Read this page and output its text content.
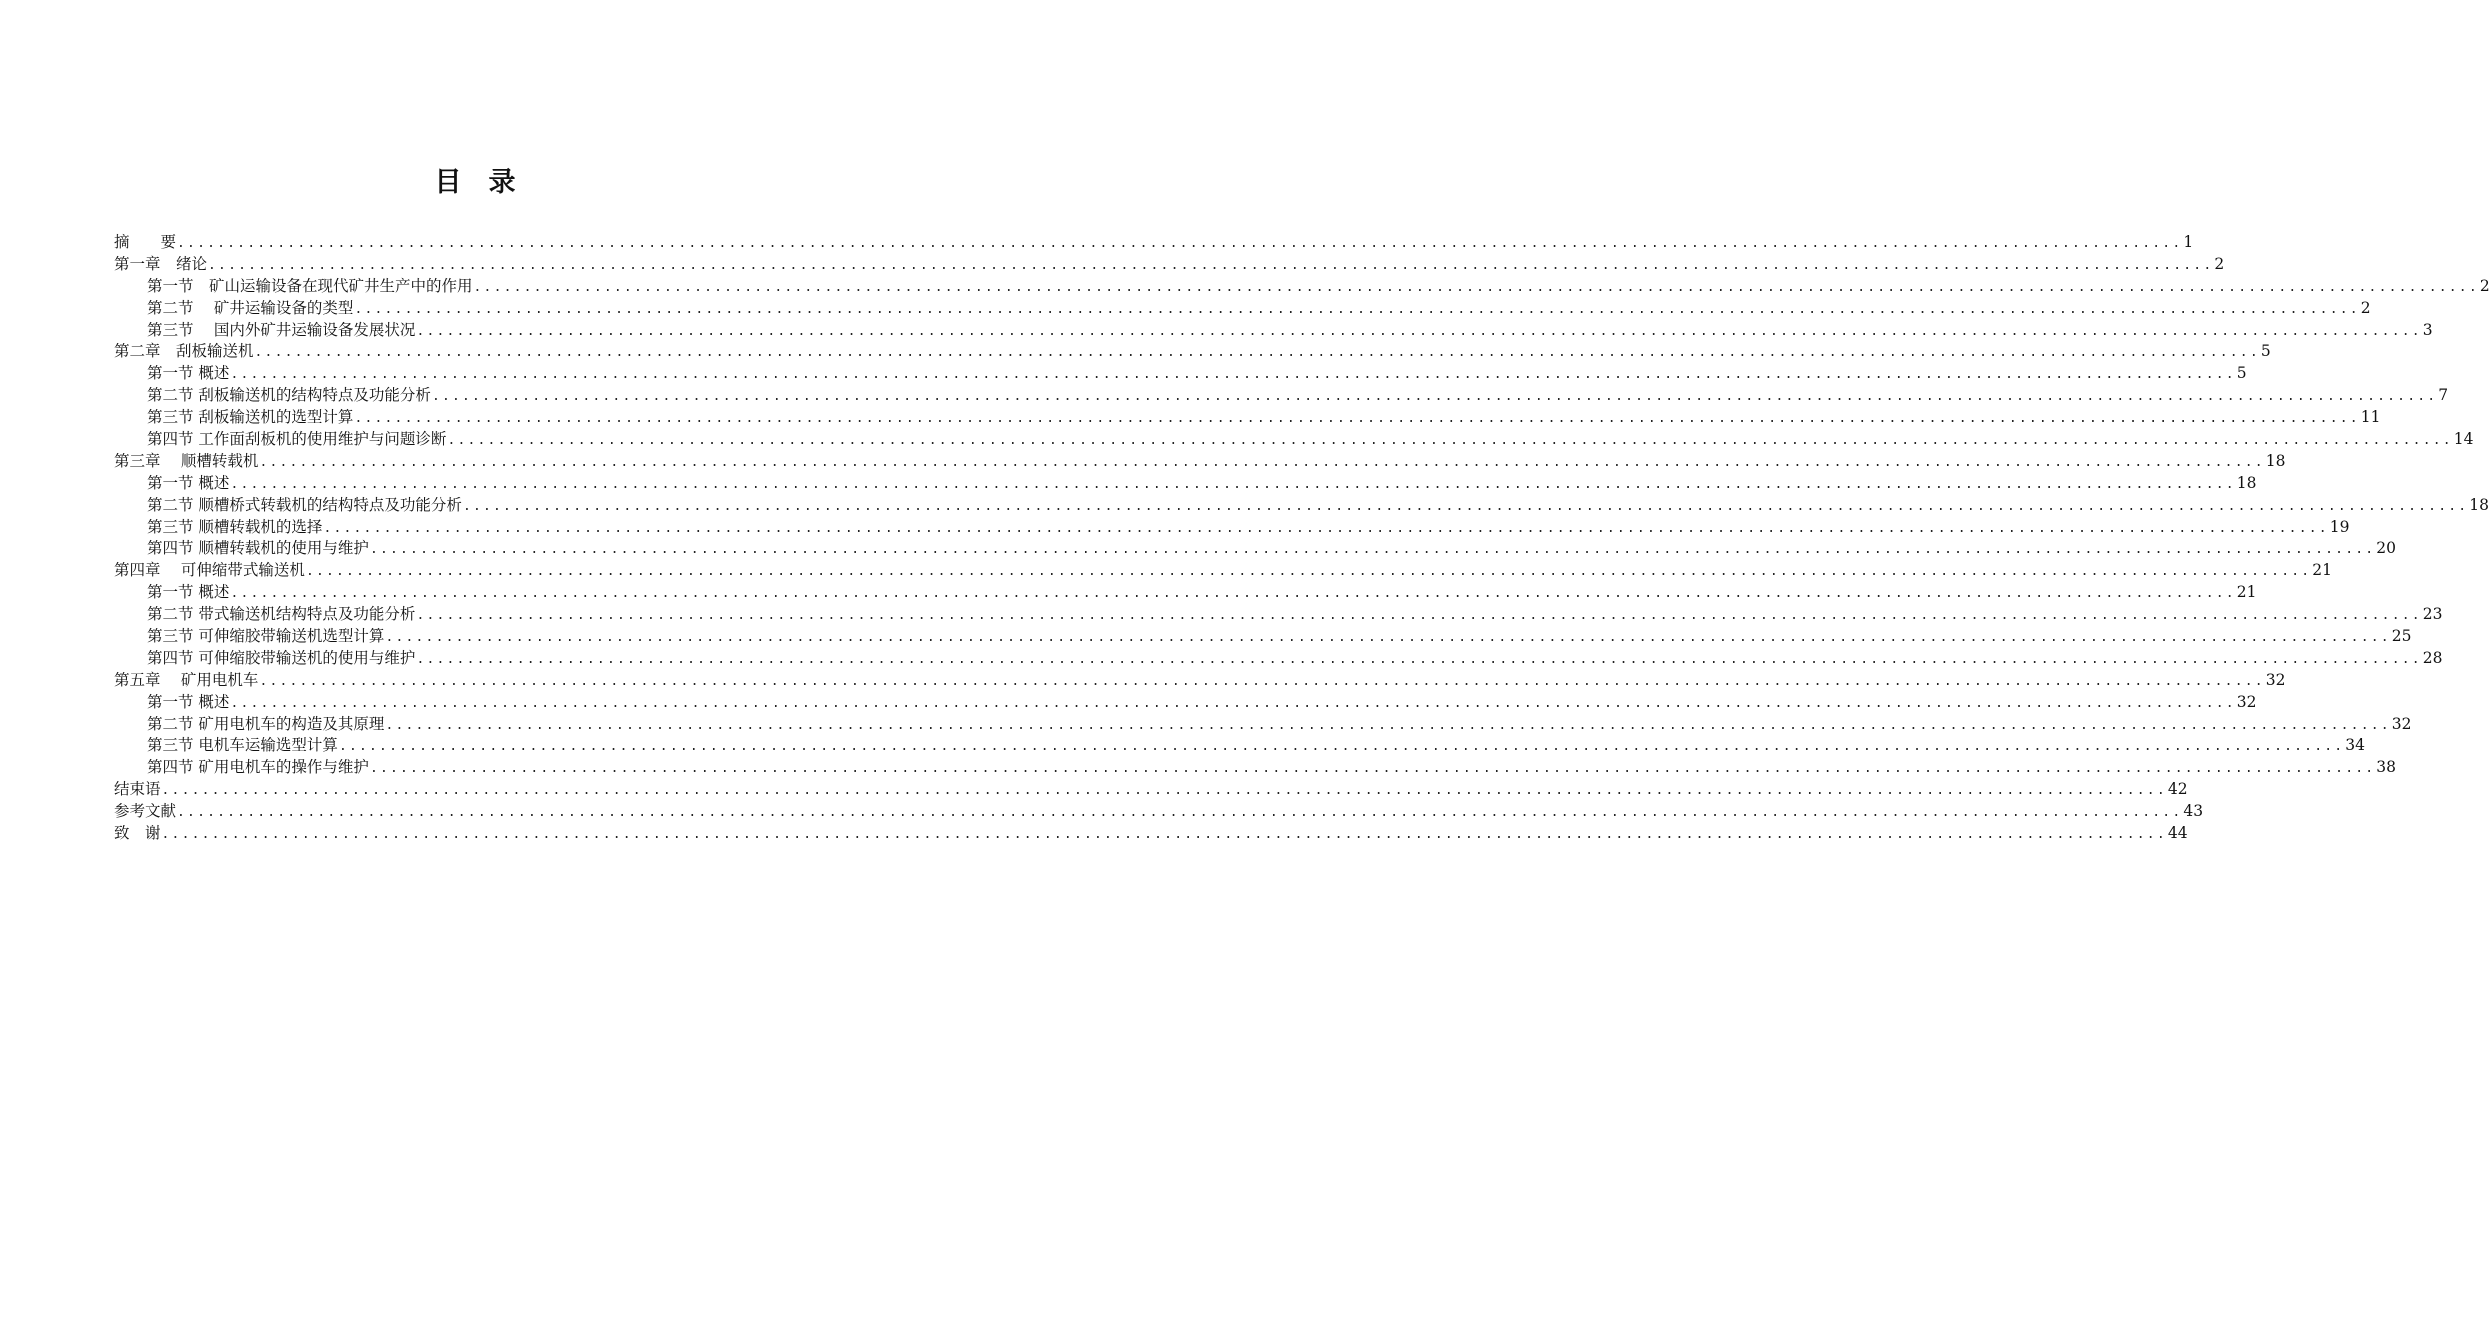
目　录
摘　　要 ........................................................................................................................................................................................................ 1
第一章　绪论 ........................................................................................................................................................................................................ 2
第一节　矿山运输设备在现代矿井生产中的作用 ........................................................................................................................................................................................................ 2
第二节　 矿井运输设备的类型 ........................................................................................................................................................................................................ 2
第三节　 国内外矿井运输设备发展状况 ........................................................................................................................................................................................................ 3
第二章　刮板输送机 ........................................................................................................................................................................................................ 5
第一节 概述 ........................................................................................................................................................................................................ 5
第二节 刮板输送机的结构特点及功能分析 ........................................................................................................................................................................................................ 7
第三节 刮板输送机的选型计算 ........................................................................................................................................................................................................ 11
第四节 工作面刮板机的使用维护与问题诊断 ........................................................................................................................................................................................................ 14
第三章　 顺槽转载机 ........................................................................................................................................................................................................ 18
第一节 概述 ........................................................................................................................................................................................................ 18
第二节 顺槽桥式转载机的结构特点及功能分析 ........................................................................................................................................................................................................ 18
第三节 顺槽转载机的选择 ........................................................................................................................................................................................................ 19
第四节 顺槽转载机的使用与维护 ........................................................................................................................................................................................................ 20
第四章　 可伸缩带式输送机 ........................................................................................................................................................................................................ 21
第一节 概述 ........................................................................................................................................................................................................ 21
第二节 带式输送机结构特点及功能分析 ........................................................................................................................................................................................................ 23
第三节 可伸缩胶带输送机选型计算 ........................................................................................................................................................................................................ 25
第四节 可伸缩胶带输送机的使用与维护 ........................................................................................................................................................................................................ 28
第五章　 矿用电机车 ........................................................................................................................................................................................................ 32
第一节 概述 ........................................................................................................................................................................................................ 32
第二节 矿用电机车的构造及其原理 ........................................................................................................................................................................................................ 32
第三节 电机车运输选型计算 ........................................................................................................................................................................................................ 34
第四节 矿用电机车的操作与维护 ........................................................................................................................................................................................................ 38
结束语 ........................................................................................................................................................................................................ 42
参考文献 ........................................................................................................................................................................................................ 43
致　谢 ........................................................................................................................................................................................................ 44
